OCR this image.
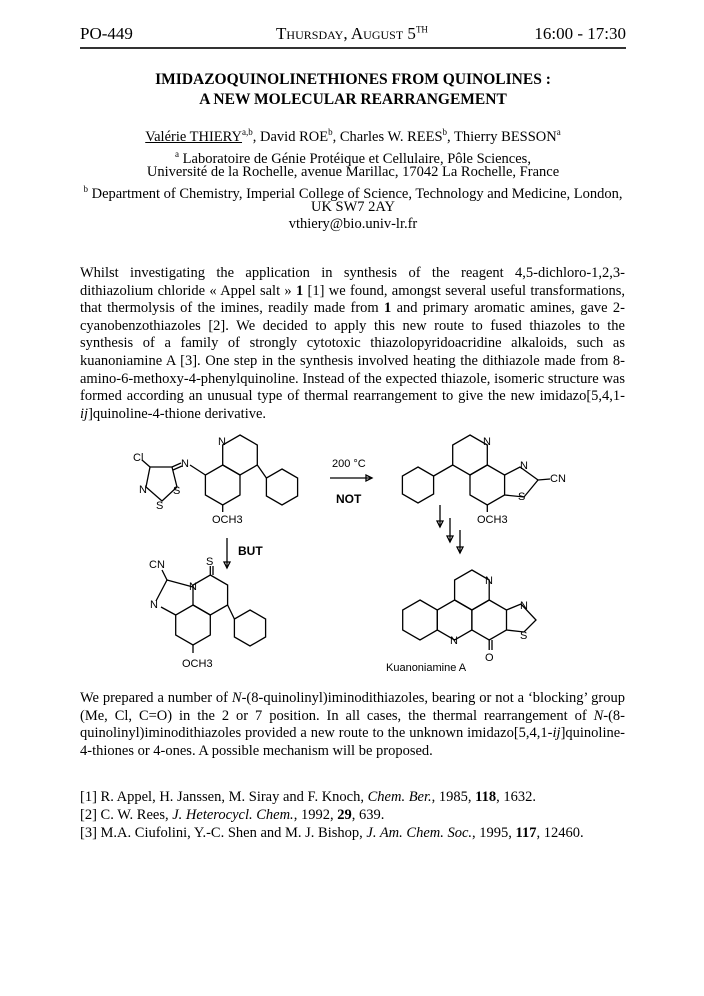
PO-449	Thursday, August 5TH	16:00 - 17:30
IMIDAZOQUINOLINETHIONES FROM QUINOLINES :
A NEW MOLECULAR REARRANGEMENT
Valérie THIERY$^{a,b}$, David ROE$^b$, Charles W. REES$^b$, Thierry BESSON$^a$
$^a$ Laboratoire de Génie Protéique et Cellulaire, Pôle Sciences,
Université de la Rochelle, avenue Marillac, 17042 La Rochelle, France
$^b$ Department of Chemistry, Imperial College of Science, Technology and Medicine, London,
UK SW7 2AY
vthiery@bio.univ-lr.fr
Whilst investigating the application in synthesis of the reagent 4,5-dichloro-1,2,3-dithiazolium chloride « Appel salt » 1 [1] we found, amongst several useful transformations, that thermolysis of the imines, readily made from 1 and primary aromatic amines, gave 2-cyanobenzothiazoles [2]. We decided to apply this new route to fused thiazoles to the synthesis of a family of strongly cytotoxic thiazolopyridoacridine alkaloids, such as kuanoniamine A [3]. One step in the synthesis involved heating the dithiazole made from 8-amino-6-methoxy-4-phenylquinoline. Instead of the expected thiazole, isomeric structure was formed according an unusual type of thermal rearrangement to give the new imidazo[5,4,1-ij]quinoline-4-thione derivative.
Cl
N
S
S
N
N
OCH3
200 °C
NOT
BUT
N
N
S
CN
OCH3
CN	S
N
N
OCH3
N
N
N
S
O
Kuanoniamine A
We prepared a number of N-(8-quinolinyl)iminodithiazoles, bearing or not a ‘blocking’ group (Me, Cl, C=O) in the 2 or 7 position. In all cases, the thermal rearrangement of N-(8-quinolinyl)iminodithiazoles provided a new route to the unknown imidazo[5,4,1-ij]quinoline-4-thiones or 4-ones. A possible mechanism will be proposed.
[1] R. Appel, H. Janssen, M. Siray and F. Knoch, Chem. Ber., 1985, 118, 1632.
[2] C. W. Rees, J. Heterocycl. Chem., 1992, 29, 639.
[3] M.A. Ciufolini, Y.-C. Shen and M. J. Bishop, J. Am. Chem. Soc., 1995, 117, 12460.
